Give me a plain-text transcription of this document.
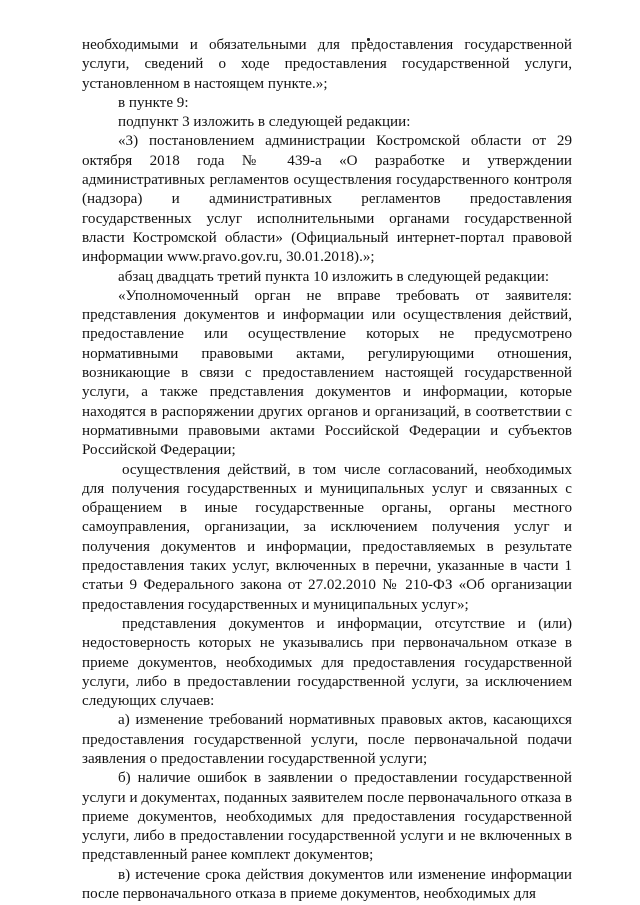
необходимыми и обязательными для предоставления государственной услуги, сведений о ходе предоставления государственной услуги, установленном в настоящем пункте.»;

в пункте 9:

подпункт 3 изложить в следующей редакции:

«3) постановлением администрации Костромской области от 29 октября 2018 года № 439-а «О разработке и утверждении административных регламентов осуществления государственного контроля (надзора) и административных регламентов предоставления государственных услуг исполнительными органами государственной власти Костромской области» (Официальный интернет-портал правовой информации www.pravo.gov.ru, 30.01.2018).»;

абзац двадцать третий пункта 10 изложить в следующей редакции:

«Уполномоченный орган не вправе требовать от заявителя: представления документов и информации или осуществления действий, предоставление или осуществление которых не предусмотрено нормативными правовыми актами, регулирующими отношения, возникающие в связи с предоставлением настоящей государственной услуги, а также представления документов и информации, которые находятся в распоряжении других органов и организаций, в соответствии с нормативными правовыми актами Российской Федерации и субъектов Российской Федерации;

осуществления действий, в том числе согласований, необходимых для получения государственных и муниципальных услуг и связанных с обращением в иные государственные органы, органы местного самоуправления, организации, за исключением получения услуг и получения документов и информации, предоставляемых в результате предоставления таких услуг, включенных в перечни, указанные в части 1 статьи 9 Федерального закона от 27.02.2010 № 210-ФЗ «Об организации предоставления государственных и муниципальных услуг»;

представления документов и информации, отсутствие и (или) недостоверность которых не указывались при первоначальном отказе в приеме документов, необходимых для предоставления государственной услуги, либо в предоставлении государственной услуги, за исключением следующих случаев:

а) изменение требований нормативных правовых актов, касающихся предоставления государственной услуги, после первоначальной подачи заявления о предоставлении государственной услуги;

б) наличие ошибок в заявлении о предоставлении государственной услуги и документах, поданных заявителем после первоначального отказа в приеме документов, необходимых для предоставления государственной услуги, либо в предоставлении государственной услуги и не включенных в представленный ранее комплект документов;

в) истечение срока действия документов или изменение информации после первоначального отказа в приеме документов, необходимых для
